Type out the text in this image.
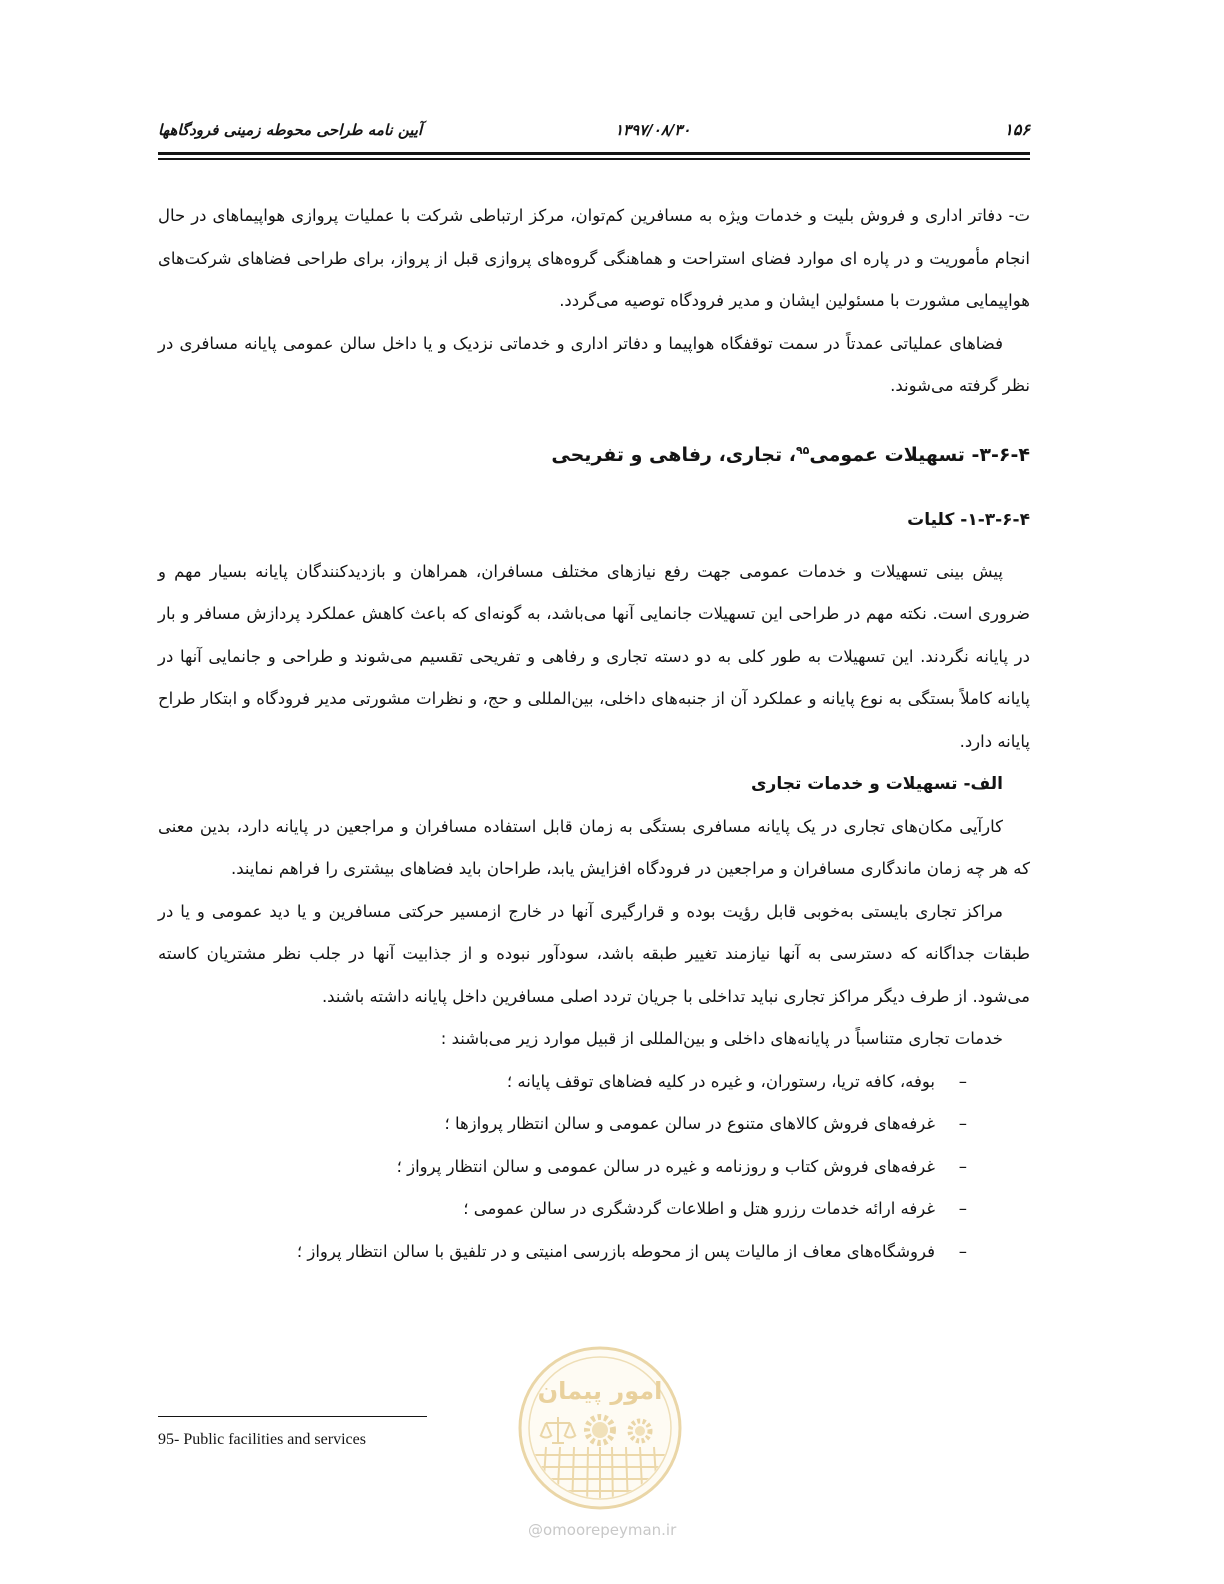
۱۵۶
۱۳۹۷/۰۸/۳۰
آیین نامه طراحی محوطه زمینی فرودگاهها

ت- دفاتر اداری و فروش بلیت و خدمات ویژه به مسافرین کم‌توان، مرکز ارتباطی شرکت با عملیات پروازی هواپیماهای در حال انجام مأموریت و در پاره ای موارد فضای استراحت و هماهنگی گروه‌های پروازی قبل از پرواز، برای طراحی فضاهای شرکت‌های هواپیمایی مشورت با مسئولین ایشان و مدیر فرودگاه توصیه می‌گردد.

فضاهای عملیاتی عمدتاً در سمت توقفگاه هواپیما و دفاتر اداری و خدماتی نزدیک و یا داخل سالن عمومی پایانه مسافری در نظر گرفته می‌شوند.

۴-۶-۳- تسهیلات عمومی$^{۹۵}$، تجاری، رفاهی و تفریحی
۴-۶-۳-۱- کلیات

پیش بینی تسهیلات و خدمات عمومی جهت رفع نیازهای مختلف مسافران، همراهان و بازدیدکنندگان پایانه بسیار مهم و ضروری است. نکته مهم در طراحی این تسهیلات جانمایی آنها می‌باشد، به گونه‌ای که باعث کاهش عملکرد پردازش مسافر و بار در پایانه نگردند. این تسهیلات به طور کلی به دو دسته تجاری و رفاهی و تفریحی تقسیم می‌شوند و طراحی و جانمایی آنها در پایانه کاملاً بستگی به نوع پایانه و عملکرد آن از جنبه‌های داخلی، بین‌المللی و حج، و نظرات مشورتی مدیر فرودگاه و ابتکار طراح پایانه دارد.

الف- تسهیلات و خدمات تجاری

کارآیی مکان‌های تجاری در یک پایانه مسافری بستگی به زمان قابل استفاده مسافران و مراجعین در پایانه دارد، بدین معنی که هر چه زمان ماندگاری مسافران و مراجعین در فرودگاه افزایش یابد، طراحان باید فضاهای بیشتری را فراهم نمایند.

مراکز تجاری بایستی به‌خوبی قابل رؤیت بوده و قرارگیری آنها در خارج ازمسیر حرکتی مسافرین و یا دید عمومی و یا در طبقات جداگانه که دسترسی به آنها نیازمند تغییر طبقه باشد، سودآور نبوده و از جذابیت آنها در جلب نظر مشتریان کاسته می‌شود. از طرف دیگر مراکز تجاری نباید تداخلی با جریان تردد اصلی مسافرین داخل پایانه داشته باشند.

خدمات تجاری متناسباً در پایانه‌های داخلی و بین‌المللی از قبیل موارد زیر می‌باشند :

–
بوفه، کافه تریا، رستوران، و غیره در کلیه فضاهای توقف پایانه ؛
–
غرفه‌های فروش کالاهای متنوع در سالن عمومی و سالن انتظار پروازها ؛
–
غرفه‌های فروش کتاب و روزنامه و غیره در سالن عمومی و سالن انتظار پرواز ؛
–
غرفه ارائه خدمات رزرو هتل و اطلاعات گردشگری در سالن عمومی ؛
–
فروشگاه‌های معاف از مالیات پس از محوطه بازرسی امنیتی و در تلفیق با سالن انتظار پرواز ؛
امور پیمان
@omoorepeyman.ir
95- Public facilities and services
